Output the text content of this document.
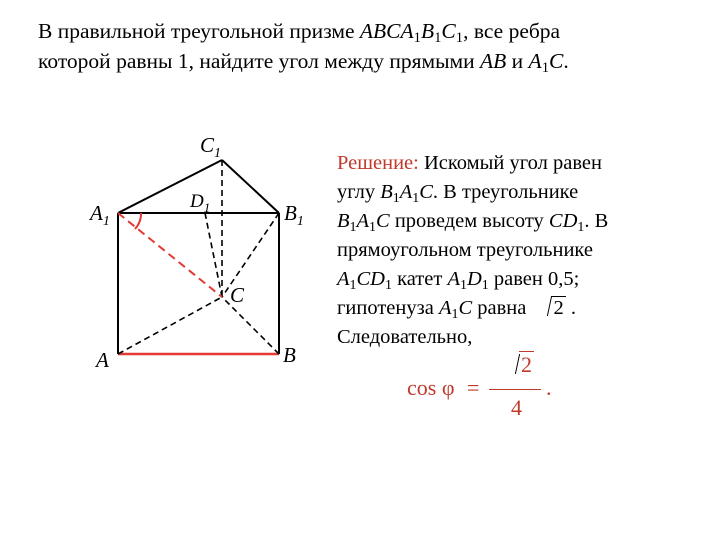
В правильной треугольной призме $ABCA_1B_1C_1$, все ребра

которой равны 1, найдите угол между прямыми AB и $A_1C$.

$C_1$
$A_1$	$B_1$
$D_1$
C
A	B

Решение: Искомый угол равен

углу $B_1A_1C$. В треугольнике

$B_1A_1C$ проведем высоту $CD_1$. В

прямоугольном треугольнике

$A_1CD_1$ катет $A_1D_1$ равен 0,5;

гипотенуза $A_1C$ равна 2 .

Следовательно,

cos φ =
2
4
.
